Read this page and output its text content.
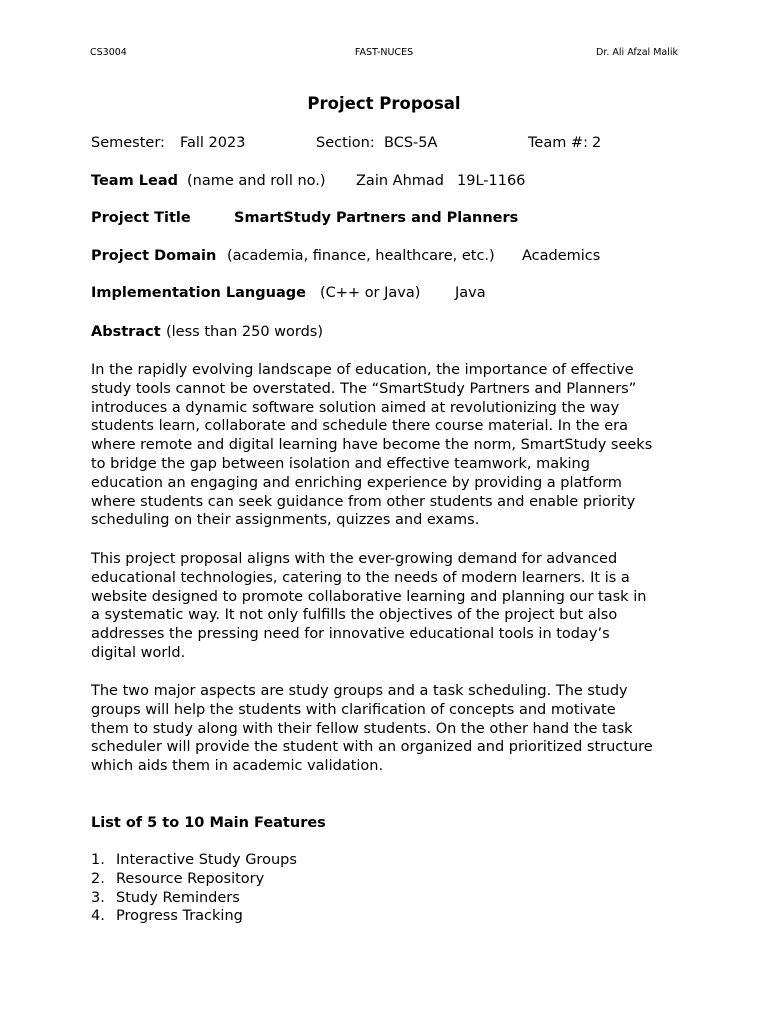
CS3004	FAST-NUCES	Dr. Ali Afzal Malik
Project Proposal
Semester: Fall 2023	Section: BCS-5A	Team #: 2
Team Lead (name and roll no.) Zain Ahmad 19L-1166
Project Title	SmartStudy Partners and Planners
Project Domain (academia, finance, healthcare, etc.) Academics
Implementation Language (C++ or Java) Java
Abstract (less than 250 words)
In the rapidly evolving landscape of education, the importance of effective
study tools cannot be overstated. The “SmartStudy Partners and Planners”
introduces a dynamic software solution aimed at revolutionizing the way
students learn, collaborate and schedule there course material. In the era
where remote and digital learning have become the norm, SmartStudy seeks
to bridge the gap between isolation and effective teamwork, making
education an engaging and enriching experience by providing a platform
where students can seek guidance from other students and enable priority
scheduling on their assignments, quizzes and exams.
This project proposal aligns with the ever-growing demand for advanced
educational technologies, catering to the needs of modern learners. It is a
website designed to promote collaborative learning and planning our task in
a systematic way. It not only fulfills the objectives of the project but also
addresses the pressing need for innovative educational tools in today’s
digital world.
The two major aspects are study groups and a task scheduling. The study
groups will help the students with clarification of concepts and motivate
them to study along with their fellow students. On the other hand the task
scheduler will provide the student with an organized and prioritized structure
which aids them in academic validation.
List of 5 to 10 Main Features
1. Interactive Study Groups
2. Resource Repository
3. Study Reminders
4. Progress Tracking
